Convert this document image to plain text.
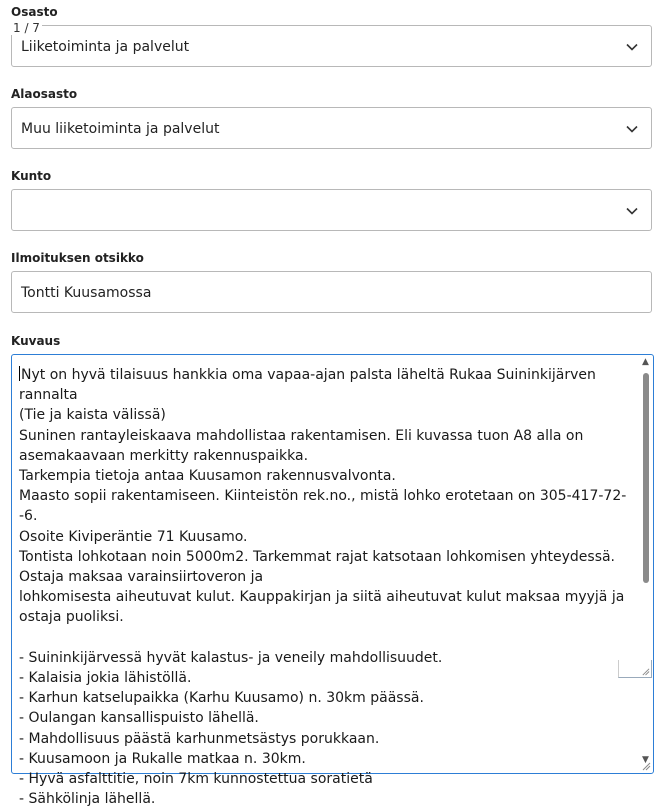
Osasto
Liiketoiminta ja palvelut
1 / 7
Alaosasto
Muu liiketoiminta ja palvelut
Kunto
Ilmoituksen otsikko
Tontti Kuusamossa
Kuvaus
Nyt on hyvä tilaisuus hankkia oma vapaa-ajan palsta läheltä Rukaa Suininkijärven rannalta
(Tie ja kaista välissä)
Suninen rantayleiskaava mahdollistaa rakentamisen. Eli kuvassa tuon A8 alla on
asemakaavaan merkitty rakennuspaikka.
Tarkempia tietoja antaa Kuusamon rakennusvalvonta.
Maasto sopii rakentamiseen. Kiinteistön rek.no., mistä lohko erotetaan on 305-417-72--6.
Osoite Kiviperäntie 71 Kuusamo.
Tontista lohkotaan noin 5000m2. Tarkemmat rajat katsotaan lohkomisen yhteydessä.
Ostaja maksaa varainsiirtoveron ja
lohkomisesta aiheutuvat kulut. Kauppakirjan ja siitä aiheutuvat kulut maksaa myyjä ja
ostaja puoliksi.

- Suininkijärvessä hyvät kalastus- ja veneily mahdollisuudet.
- Kalaisia jokia lähistöllä.
- Karhun katselupaikka (Karhu Kuusamo) n. 30km päässä.
- Oulangan kansallispuisto lähellä.
- Mahdollisuus päästä karhunmetsästys porukkaan.
- Kuusamoon ja Rukalle matkaa n. 30km.
- Hyvä asfalttitie, noin 7km kunnostettua soratietä
- Sähkölinja lähellä.
▲
▼
